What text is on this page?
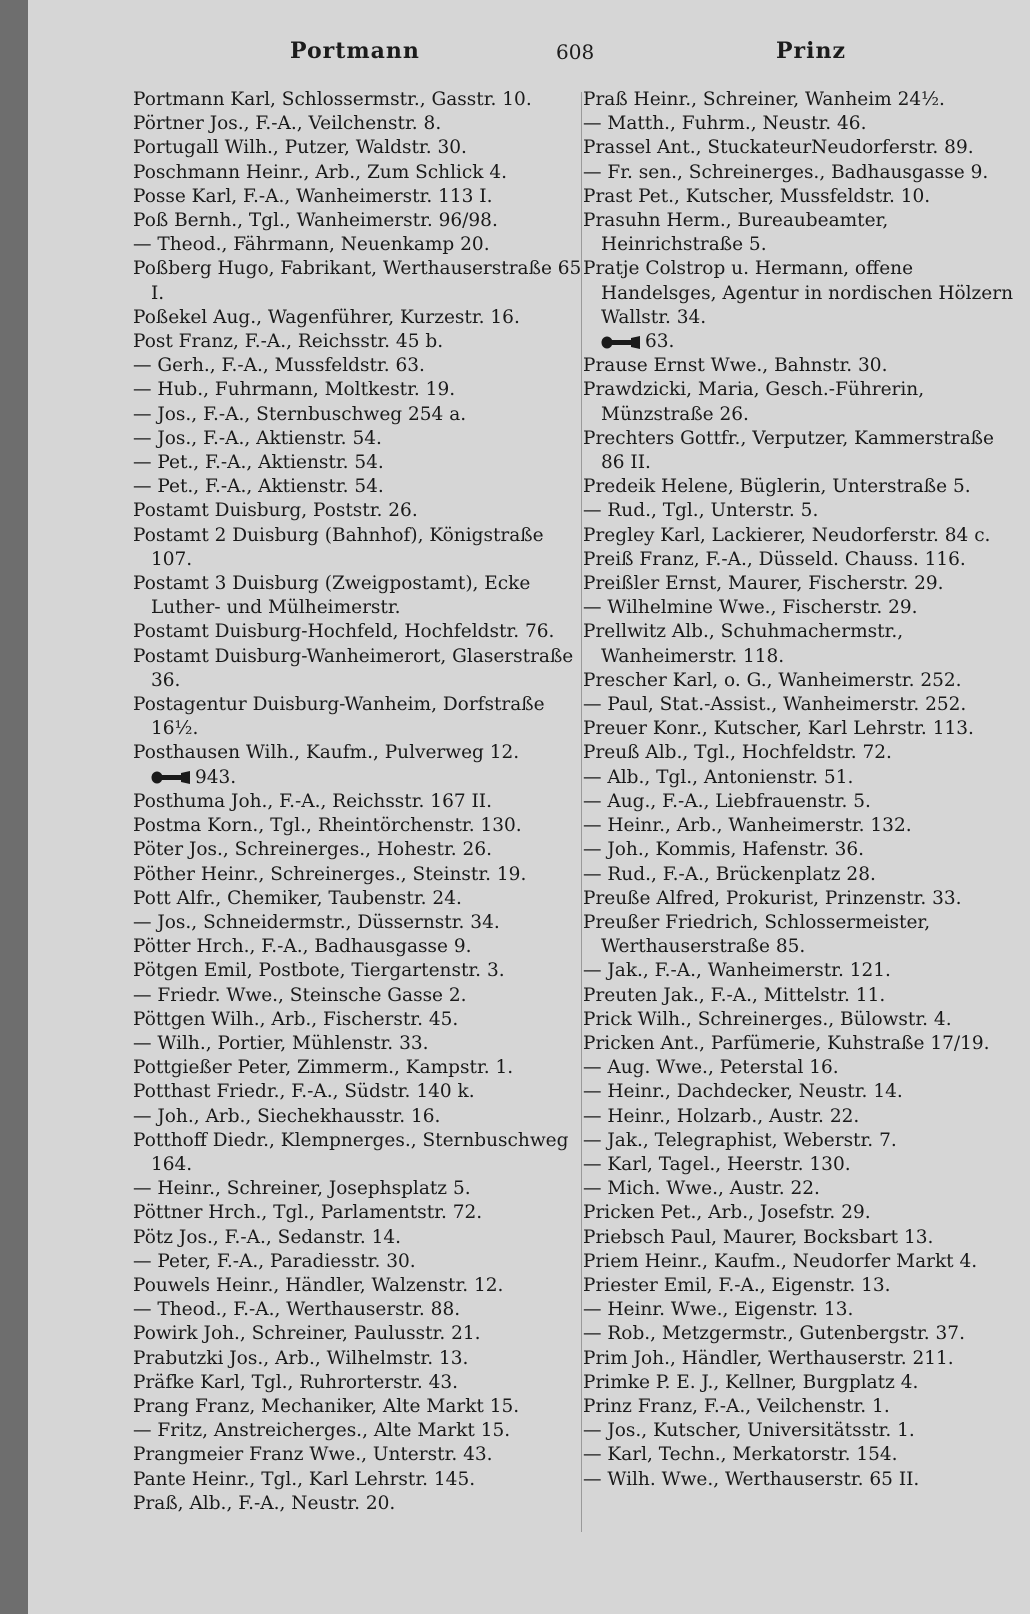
Portmann	608	Prinz
Portmann Karl, Schlossermstr., Gasstr. 10.
Pörtner Jos., F.-A., Veilchenstr. 8.
Portugall Wilh., Putzer, Waldstr. 30.
Poschmann Heinr., Arb., Zum Schlick 4.
Posse Karl, F.-A., Wanheimerstr. 113 I.
Poß Bernh., Tgl., Wanheimerstr. 96/98.
— Theod., Fährmann, Neuenkamp 20.
Poßberg Hugo, Fabrikant, Werthauserstraße 65 I.
Poßekel Aug., Wagenführer, Kurzestr. 16.
Post Franz, F.-A., Reichsstr. 45 b.
— Gerh., F.-A., Mussfeldstr. 63.
— Hub., Fuhrmann, Moltkestr. 19.
— Jos., F.-A., Sternbuschweg 254 a.
— Jos., F.-A., Aktienstr. 54.
— Pet., F.-A., Aktienstr. 54.
— Pet., F.-A., Aktienstr. 54.
Postamt Duisburg, Poststr. 26.
Postamt 2 Duisburg (Bahnhof), Königstraße 107.
Postamt 3 Duisburg (Zweigpostamt), Ecke Luther- und Mülheimerstr.
Postamt Duisburg-Hochfeld, Hochfeldstr. 76.
Postamt Duisburg-Wanheimerort, Glaserstraße 36.
Postagentur Duisburg-Wanheim, Dorfstraße 16½.
Posthausen Wilh., Kaufm., Pulverweg 12.
943.
Posthuma Joh., F.-A., Reichsstr. 167 II.
Postma Korn., Tgl., Rheintörchenstr. 130.
Pöter Jos., Schreinerges., Hohestr. 26.
Pöther Heinr., Schreinerges., Steinstr. 19.
Pott Alfr., Chemiker, Taubenstr. 24.
— Jos., Schneidermstr., Düssernstr. 34.
Pötter Hrch., F.-A., Badhausgasse 9.
Pötgen Emil, Postbote, Tiergartenstr. 3.
— Friedr. Wwe., Steinsche Gasse 2.
Pöttgen Wilh., Arb., Fischerstr. 45.
— Wilh., Portier, Mühlenstr. 33.
Pottgießer Peter, Zimmerm., Kampstr. 1.
Potthast Friedr., F.-A., Südstr. 140 k.
— Joh., Arb., Siechekhausstr. 16.
Potthoff Diedr., Klempnerges., Sternbuschweg 164.
— Heinr., Schreiner, Josephsplatz 5.
Pöttner Hrch., Tgl., Parlamentstr. 72.
Pötz Jos., F.-A., Sedanstr. 14.
— Peter, F.-A., Paradiesstr. 30.
Pouwels Heinr., Händler, Walzenstr. 12.
— Theod., F.-A., Werthauserstr. 88.
Powirk Joh., Schreiner, Paulusstr. 21.
Prabutzki Jos., Arb., Wilhelmstr. 13.
Präfke Karl, Tgl., Ruhrorterstr. 43.
Prang Franz, Mechaniker, Alte Markt 15.
— Fritz, Anstreicherges., Alte Markt 15.
Prangmeier Franz Wwe., Unterstr. 43.
Pante Heinr., Tgl., Karl Lehrstr. 145.
Praß, Alb., F.-A., Neustr. 20.
Praß Heinr., Schreiner, Wanheim 24½.
— Matth., Fuhrm., Neustr. 46.
Prassel Ant., StuckateurNeudorferstr. 89.
— Fr. sen., Schreinerges., Badhausgasse 9.
Prast Pet., Kutscher, Mussfeldstr. 10.
Prasuhn Herm., Bureaubeamter, Heinrichstraße 5.
Pratje Colstrop u. Hermann, offene Handelsges, Agentur in nordischen Hölzern Wallstr. 34.
63.
Prause Ernst Wwe., Bahnstr. 30.
Prawdzicki, Maria, Gesch.-Führerin, Münzstraße 26.
Prechters Gottfr., Verputzer, Kammerstraße 86 II.
Predeik Helene, Büglerin, Unterstraße 5.
— Rud., Tgl., Unterstr. 5.
Pregley Karl, Lackierer, Neudorferstr. 84 c.
Preiß Franz, F.-A., Düsseld. Chauss. 116.
Preißler Ernst, Maurer, Fischerstr. 29.
— Wilhelmine Wwe., Fischerstr. 29.
Prellwitz Alb., Schuhmachermstr., Wanheimerstr. 118.
Prescher Karl, o. G., Wanheimerstr. 252.
— Paul, Stat.-Assist., Wanheimerstr. 252.
Preuer Konr., Kutscher, Karl Lehrstr. 113.
Preuß Alb., Tgl., Hochfeldstr. 72.
— Alb., Tgl., Antonienstr. 51.
— Aug., F.-A., Liebfrauenstr. 5.
— Heinr., Arb., Wanheimerstr. 132.
— Joh., Kommis, Hafenstr. 36.
— Rud., F.-A., Brückenplatz 28.
Preuße Alfred, Prokurist, Prinzenstr. 33.
Preußer Friedrich, Schlossermeister, Werthauserstraße 85.
— Jak., F.-A., Wanheimerstr. 121.
Preuten Jak., F.-A., Mittelstr. 11.
Prick Wilh., Schreinerges., Bülowstr. 4.
Pricken Ant., Parfümerie, Kuhstraße 17/19.
— Aug. Wwe., Peterstal 16.
— Heinr., Dachdecker, Neustr. 14.
— Heinr., Holzarb., Austr. 22.
— Jak., Telegraphist, Weberstr. 7.
— Karl, Tagel., Heerstr. 130.
— Mich. Wwe., Austr. 22.
Pricken Pet., Arb., Josefstr. 29.
Priebsch Paul, Maurer, Bocksbart 13.
Priem Heinr., Kaufm., Neudorfer Markt 4.
Priester Emil, F.-A., Eigenstr. 13.
— Heinr. Wwe., Eigenstr. 13.
— Rob., Metzgermstr., Gutenbergstr. 37.
Prim Joh., Händler, Werthauserstr. 211.
Primke P. E. J., Kellner, Burgplatz 4.
Prinz Franz, F.-A., Veilchenstr. 1.
— Jos., Kutscher, Universitätsstr. 1.
— Karl, Techn., Merkatorstr. 154.
— Wilh. Wwe., Werthauserstr. 65 II.
